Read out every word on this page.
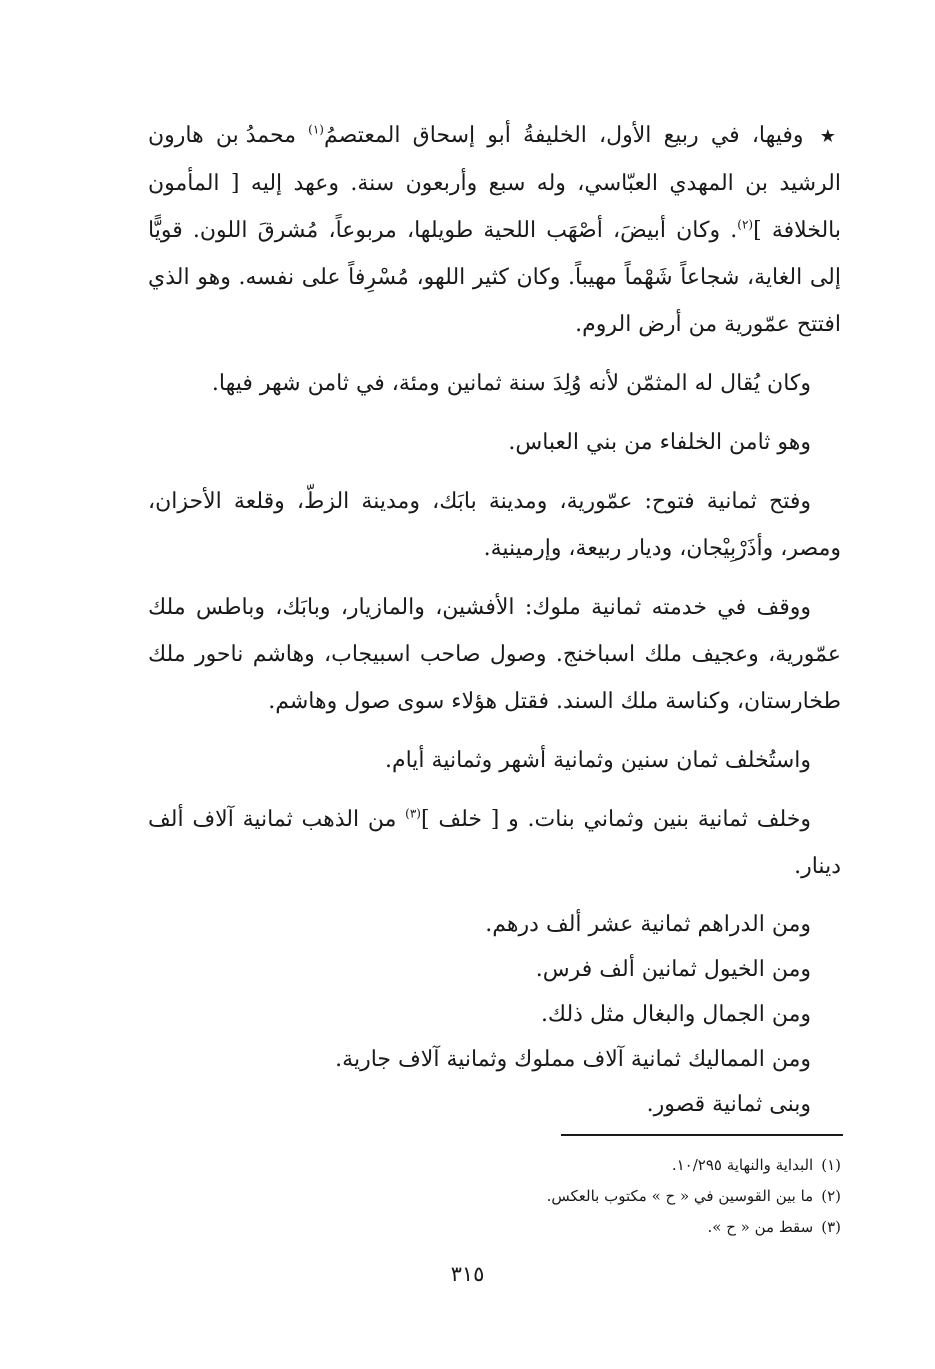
★ وفيها، في ربيع الأول، الخليفةُ أبو إسحاق المعتصمُ$^{(١)}$ محمدُ بن هارون الرشيد بن المهدي العبّاسي، وله سبع وأربعون سنة. وعهد إليه [ المأمون بالخلافة ]$^{(٢)}$. وكان أبيضَ، أصْهَب اللحية طويلها، مربوعاً، مُشرقَ اللون. قويًّا إلى الغاية، شجاعاً شَهْماً مهيباً. وكان كثير اللهو، مُسْرِفاً على نفسه. وهو الذي افتتح عمّورية من أرض الروم.

وكان يُقال له المثمّن لأنه وُلِدَ سنة ثمانين ومئة، في ثامن شهر فيها.

وهو ثامن الخلفاء من بني العباس.

وفتح ثمانية فتوح: عمّورية، ومدينة بابَك، ومدينة الزطّ، وقلعة الأحزان، ومصر، وأذَرْبِيْجان، وديار ربيعة، وإرمينية.

ووقف في خدمته ثمانية ملوك: الأفشين، والمازيار، وبابَك، وباطس ملك عمّورية، وعجيف ملك اسباخنج. وصول صاحب اسبيجاب، وهاشم ناحور ملك طخارستان، وكناسة ملك السند. فقتل هؤلاء سوى صول وهاشم.

واستُخلف ثمان سنين وثمانية أشهر وثمانية أيام.

وخلف ثمانية بنين وثماني بنات. و [ خلف ]$^{(٣)}$ من الذهب ثمانية آلاف ألف دينار.

ومن الدراهم ثمانية عشر ألف درهم.
ومن الخيول ثمانين ألف فرس.
ومن الجمال والبغال مثل ذلك.
ومن المماليك ثمانية آلاف مملوك وثمانية آلاف جارية.
وبنى ثمانية قصور.
(١)البداية والنهاية ١٠/٢٩٥.
(٢)ما بين القوسين في « ح » مكتوب بالعكس.
(٣)سقط من « ح ».
٣١٥
